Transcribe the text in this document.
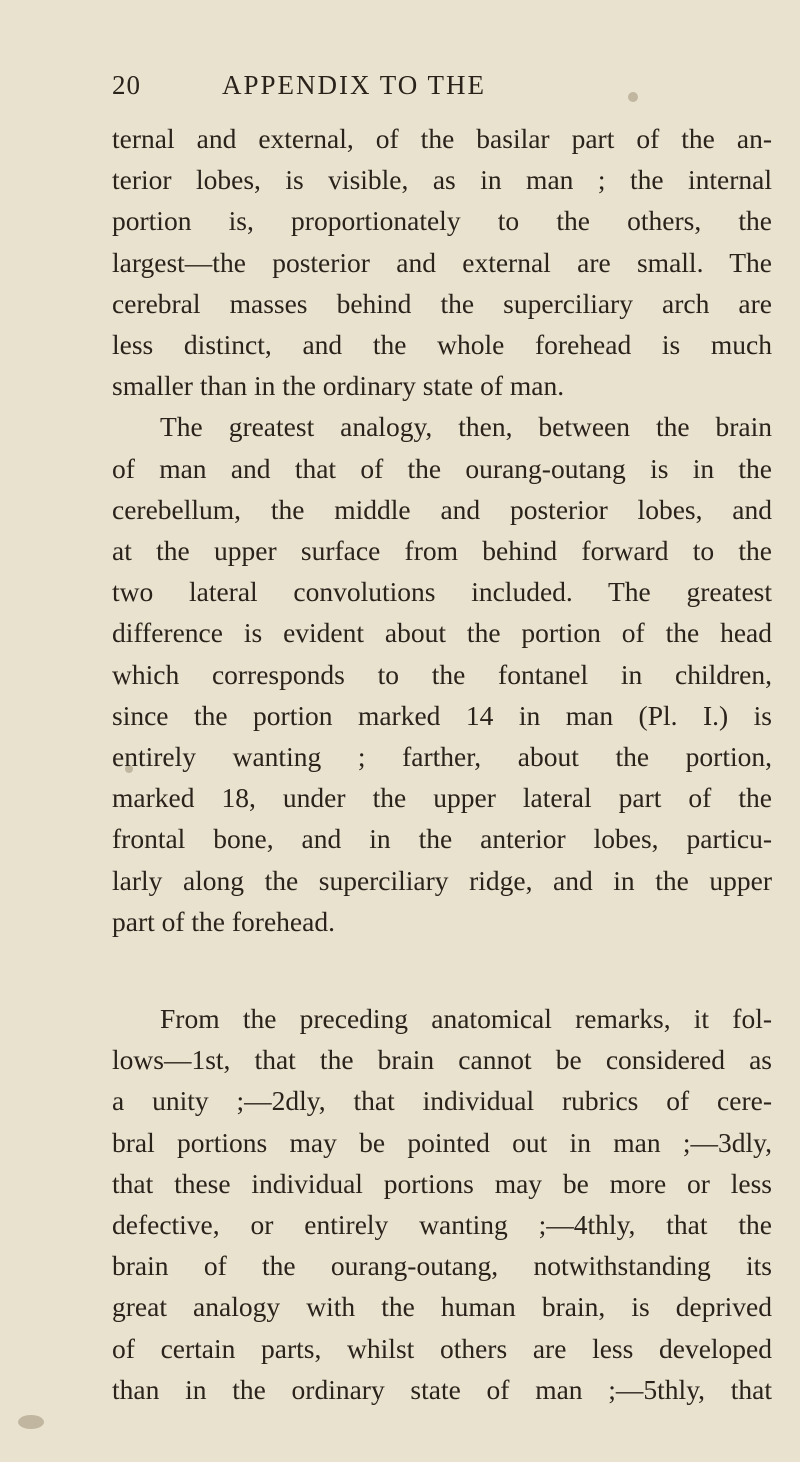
20	APPENDIX TO THE
ternal and external, of the basilar part of the an-
terior lobes, is visible, as in man ; the internal
portion is, proportionately to the others, the
largest—the posterior and external are small. The
cerebral masses behind the superciliary arch are
less distinct, and the whole forehead is much
smaller than in the ordinary state of man.
The greatest analogy, then, between the brain
of man and that of the ourang-outang is in the
cerebellum, the middle and posterior lobes, and
at the upper surface from behind forward to the
two lateral convolutions included. The greatest
difference is evident about the portion of the head
which corresponds to the fontanel in children,
since the portion marked 14 in man (Pl. I.) is
entirely wanting ; farther, about the portion,
marked 18, under the upper lateral part of the
frontal bone, and in the anterior lobes, particu-
larly along the superciliary ridge, and in the upper
part of the forehead.
From the preceding anatomical remarks, it fol-
lows—1st, that the brain cannot be considered as
a unity ;—2dly, that individual rubrics of cere-
bral portions may be pointed out in man ;—3dly,
that these individual portions may be more or less
defective, or entirely wanting ;—4thly, that the
brain of the ourang-outang, notwithstanding its
great analogy with the human brain, is deprived
of certain parts, whilst others are less developed
than in the ordinary state of man ;—5thly, that
